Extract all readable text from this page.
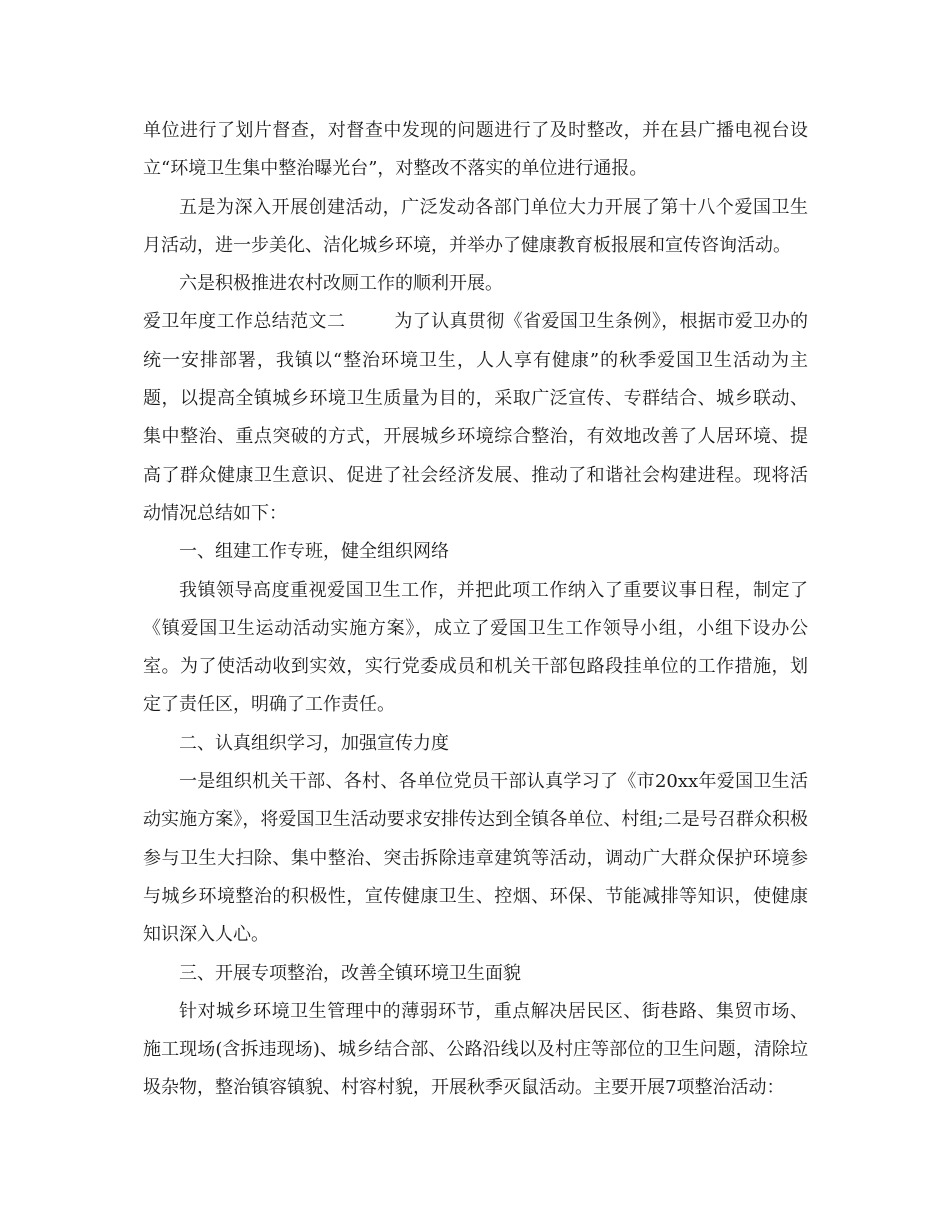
单位进行了划片督查，对督查中发现的问题进行了及时整改，并在县广播电视台设立“环境卫生集中整治曝光台”，对整改不落实的单位进行通报。

五是为深入开展创建活动，广泛发动各部门单位大力开展了第十八个爱国卫生月活动，进一步美化、洁化城乡环境，并举办了健康教育板报展和宣传咨询活动。

六是积极推进农村改厕工作的顺利开展。

爱卫年度工作总结范文二	为了认真贯彻《省爱国卫生条例》，根据市爱卫办的统一安排部署，我镇以“整治环境卫生，人人享有健康”的秋季爱国卫生活动为主题，以提高全镇城乡环境卫生质量为目的，采取广泛宣传、专群结合、城乡联动、集中整治、重点突破的方式，开展城乡环境综合整治，有效地改善了人居环境、提高了群众健康卫生意识、促进了社会经济发展、推动了和谐社会构建进程。现将活动情况总结如下：

一、组建工作专班，健全组织网络

我镇领导高度重视爱国卫生工作，并把此项工作纳入了重要议事日程，制定了《镇爱国卫生运动活动实施方案》，成立了爱国卫生工作领导小组，小组下设办公室。为了使活动收到实效，实行党委成员和机关干部包路段挂单位的工作措施，划定了责任区，明确了工作责任。

二、认真组织学习，加强宣传力度

一是组织机关干部、各村、各单位党员干部认真学习了《市20xx年爱国卫生活动实施方案》，将爱国卫生活动要求安排传达到全镇各单位、村组;二是号召群众积极参与卫生大扫除、集中整治、突击拆除违章建筑等活动，调动广大群众保护环境参与城乡环境整治的积极性，宣传健康卫生、控烟、环保、节能减排等知识，使健康知识深入人心。

三、开展专项整治，改善全镇环境卫生面貌

针对城乡环境卫生管理中的薄弱环节，重点解决居民区、街巷路、集贸市场、施工现场(含拆违现场)、城乡结合部、公路沿线以及村庄等部位的卫生问题，清除垃圾杂物，整治镇容镇貌、村容村貌，开展秋季灭鼠活动。主要开展7项整治活动：
